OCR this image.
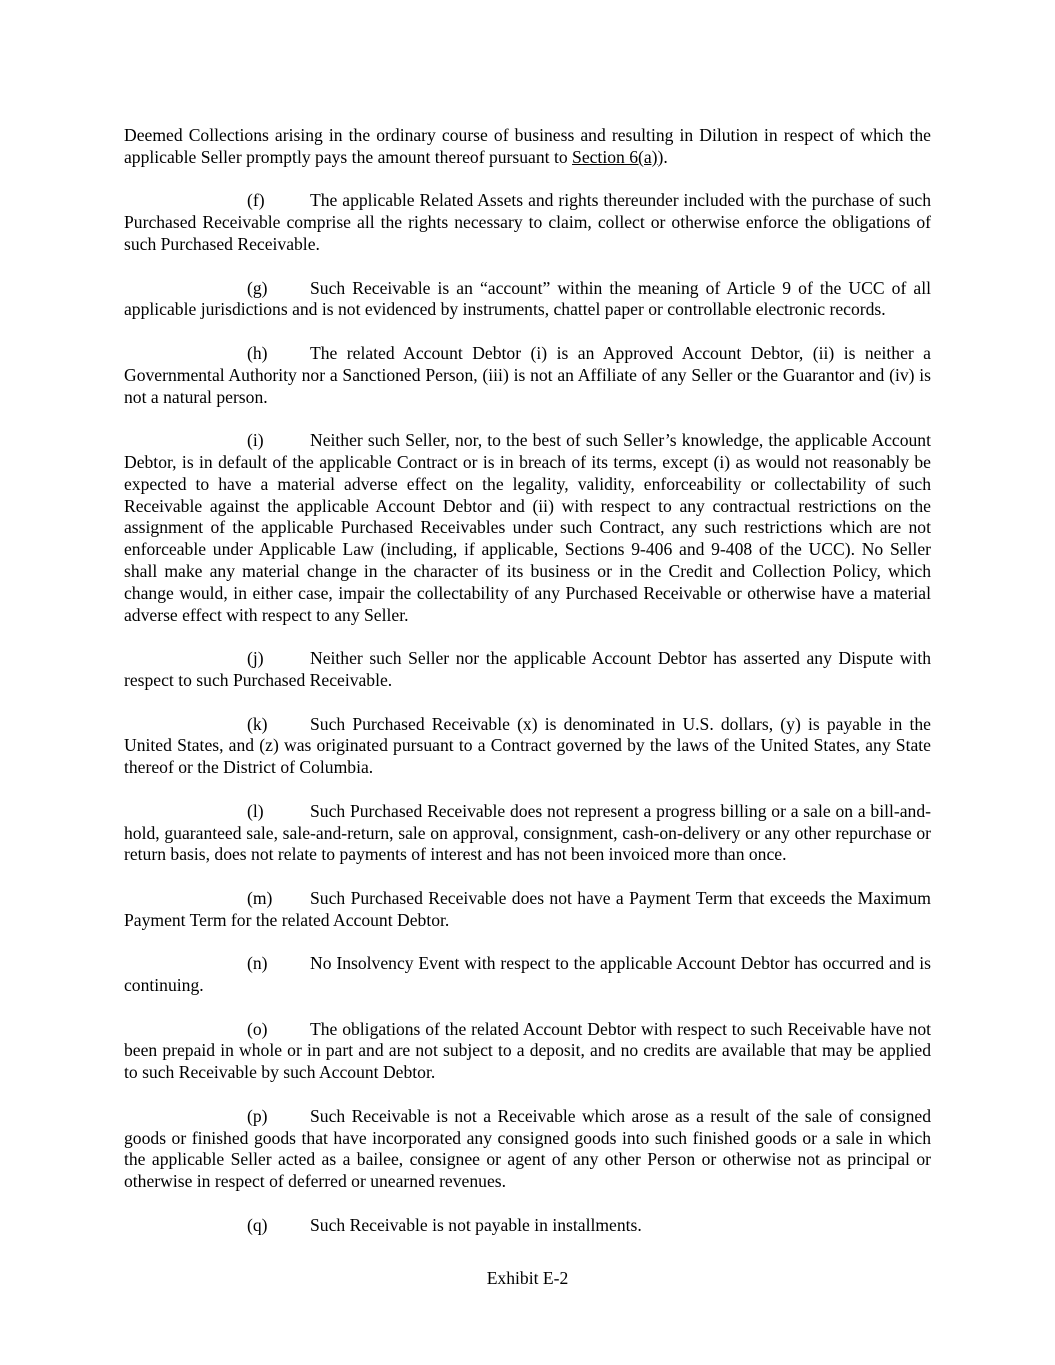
Deemed Collections arising in the ordinary course of business and resulting in Dilution in respect of which the applicable Seller promptly pays the amount thereof pursuant to Section 6(a)).

(f)	The applicable Related Assets and rights thereunder included with the purchase of such Purchased Receivable comprise all the rights necessary to claim, collect or otherwise enforce the obligations of such Purchased Receivable.

(g) Such Receivable is an “account” within the meaning of Article 9 of the UCC of all applicable jurisdictions and is not evidenced by instruments, chattel paper or controllable electronic records.

(h) The related Account Debtor (i) is an Approved Account Debtor, (ii) is neither a Governmental Authority nor a Sanctioned Person, (iii) is not an Affiliate of any Seller or the Guarantor and (iv) is not a natural person.

(i)	Neither such Seller, nor, to the best of such Seller’s knowledge, the applicable Account Debtor, is in default of the applicable Contract or is in breach of its terms, except (i) as would not reasonably be expected to have a material adverse effect on the legality, validity, enforceability or collectability of such Receivable against the applicable Account Debtor and (ii) with respect to any contractual restrictions on the assignment of the applicable Purchased Receivables under such Contract, any such restrictions which are not enforceable under Applicable Law (including, if applicable, Sections 9-406 and 9-408 of the UCC). No Seller shall make any material change in the character of its business or in the Credit and Collection Policy, which change would, in either case, impair the collectability of any Purchased Receivable or otherwise have a material adverse effect with respect to any Seller.

(j)	Neither such Seller nor the applicable Account Debtor has asserted any Dispute with respect to such Purchased Receivable.

(k) Such Purchased Receivable (x) is denominated in U.S. dollars, (y) is payable in the United States, and (z) was originated pursuant to a Contract governed by the laws of the United States, any State thereof or the District of Columbia.

(l)	Such Purchased Receivable does not represent a progress billing or a sale on a bill-and-hold, guaranteed sale, sale-and-return, sale on approval, consignment, cash-on-delivery or any other repurchase or return basis, does not relate to payments of interest and has not been invoiced more than once.

(m) Such Purchased Receivable does not have a Payment Term that exceeds the Maximum Payment Term for the related Account Debtor.

(n) No Insolvency Event with respect to the applicable Account Debtor has occurred and is continuing.

(o) The obligations of the related Account Debtor with respect to such Receivable have not been prepaid in whole or in part and are not subject to a deposit, and no credits are available that may be applied to such Receivable by such Account Debtor.

(p) Such Receivable is not a Receivable which arose as a result of the sale of consigned goods or finished goods that have incorporated any consigned goods into such finished goods or a sale in which the applicable Seller acted as a bailee, consignee or agent of any other Person or otherwise not as principal or otherwise in respect of deferred or unearned revenues.

(q) Such Receivable is not payable in installments.

Exhibit E-2
